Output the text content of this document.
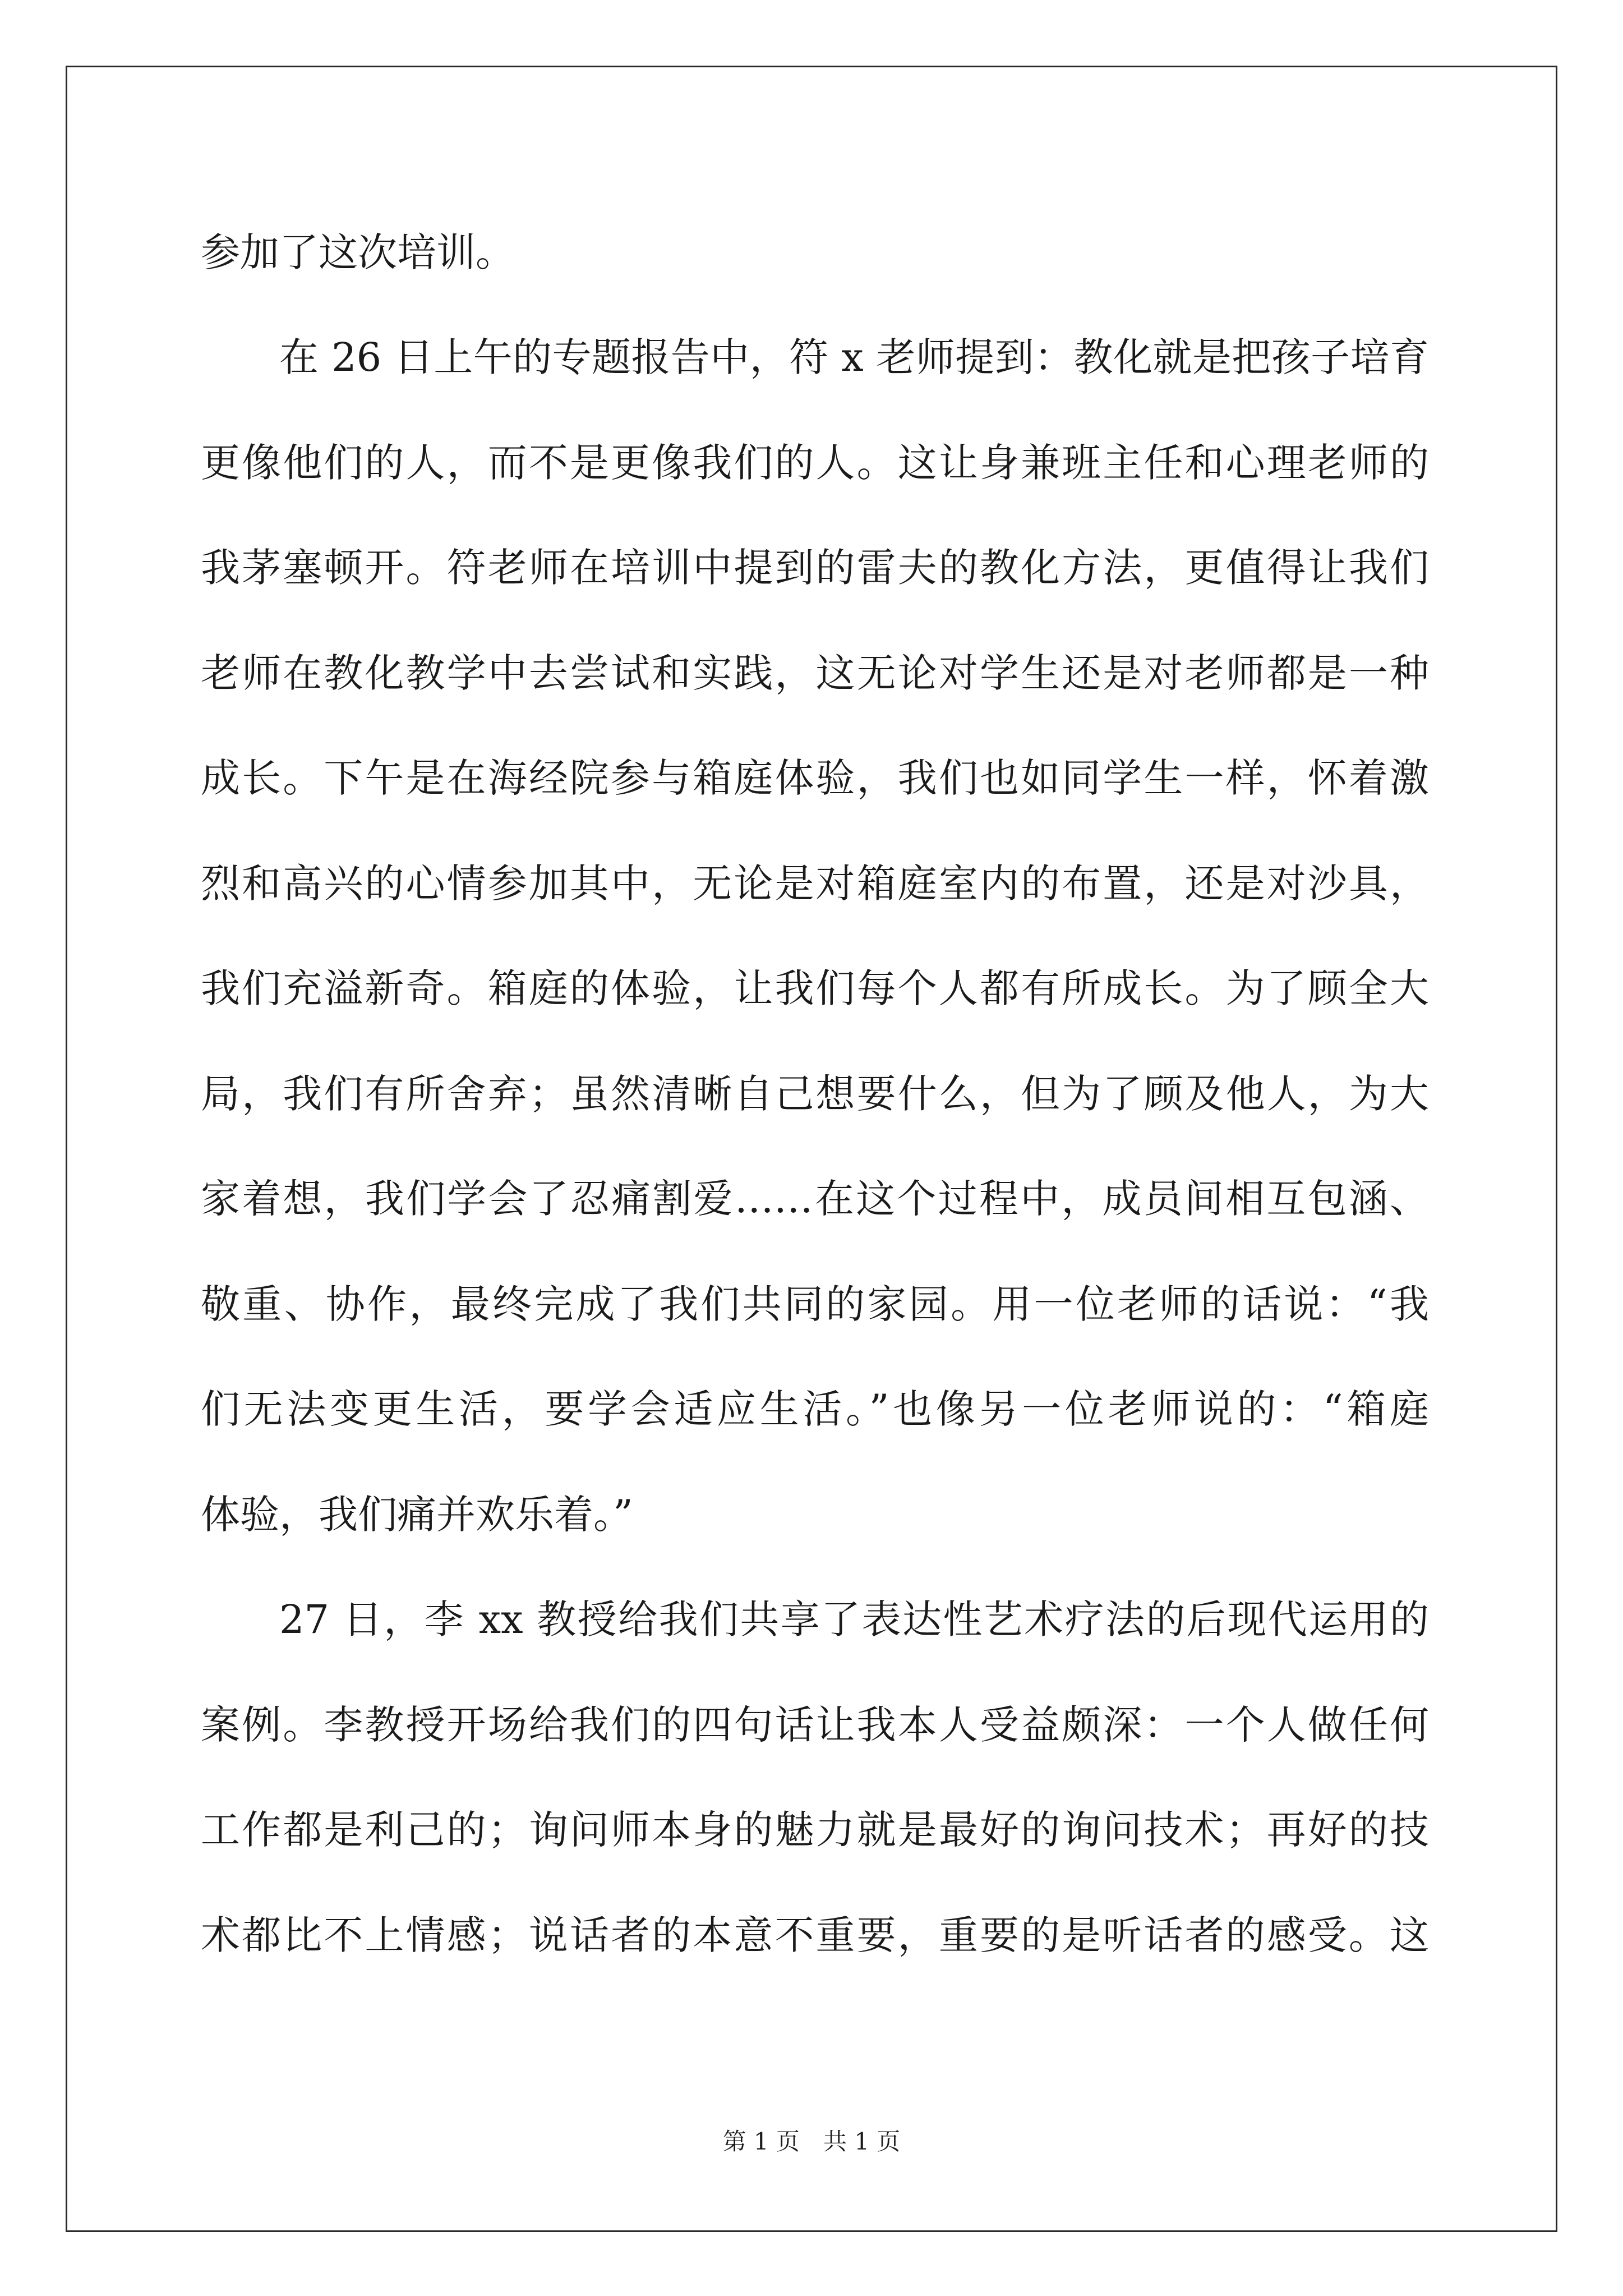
参加了这次培训。
在 26 日上午的专题报告中，符 x 老师提到：教化就是把孩子培育
更像他们的人，而不是更像我们的人。这让身兼班主任和心理老师的
我茅塞顿开。符老师在培训中提到的雷夫的教化方法，更值得让我们
老师在教化教学中去尝试和实践，这无论对学生还是对老师都是一种
成长。下午是在海经院参与箱庭体验，我们也如同学生一样，怀着激
烈和高兴的心情参加其中，无论是对箱庭室内的布置，还是对沙具，
我们充溢新奇。箱庭的体验，让我们每个人都有所成长。为了顾全大
局，我们有所舍弃；虽然清晰自己想要什么，但为了顾及他人，为大
家着想，我们学会了忍痛割爱……在这个过程中，成员间相互包涵、
敬重、协作，最终完成了我们共同的家园。用一位老师的话说：“我
们无法变更生活，要学会适应生活。”也像另一位老师说的：“箱庭
体验，我们痛并欢乐着。”
27 日，李 xx 教授给我们共享了表达性艺术疗法的后现代运用的
案例。李教授开场给我们的四句话让我本人受益颇深：一个人做任何
工作都是利己的；询问师本身的魅力就是最好的询问技术；再好的技
术都比不上情感；说话者的本意不重要，重要的是听话者的感受。这
第 1 页　共 1 页
